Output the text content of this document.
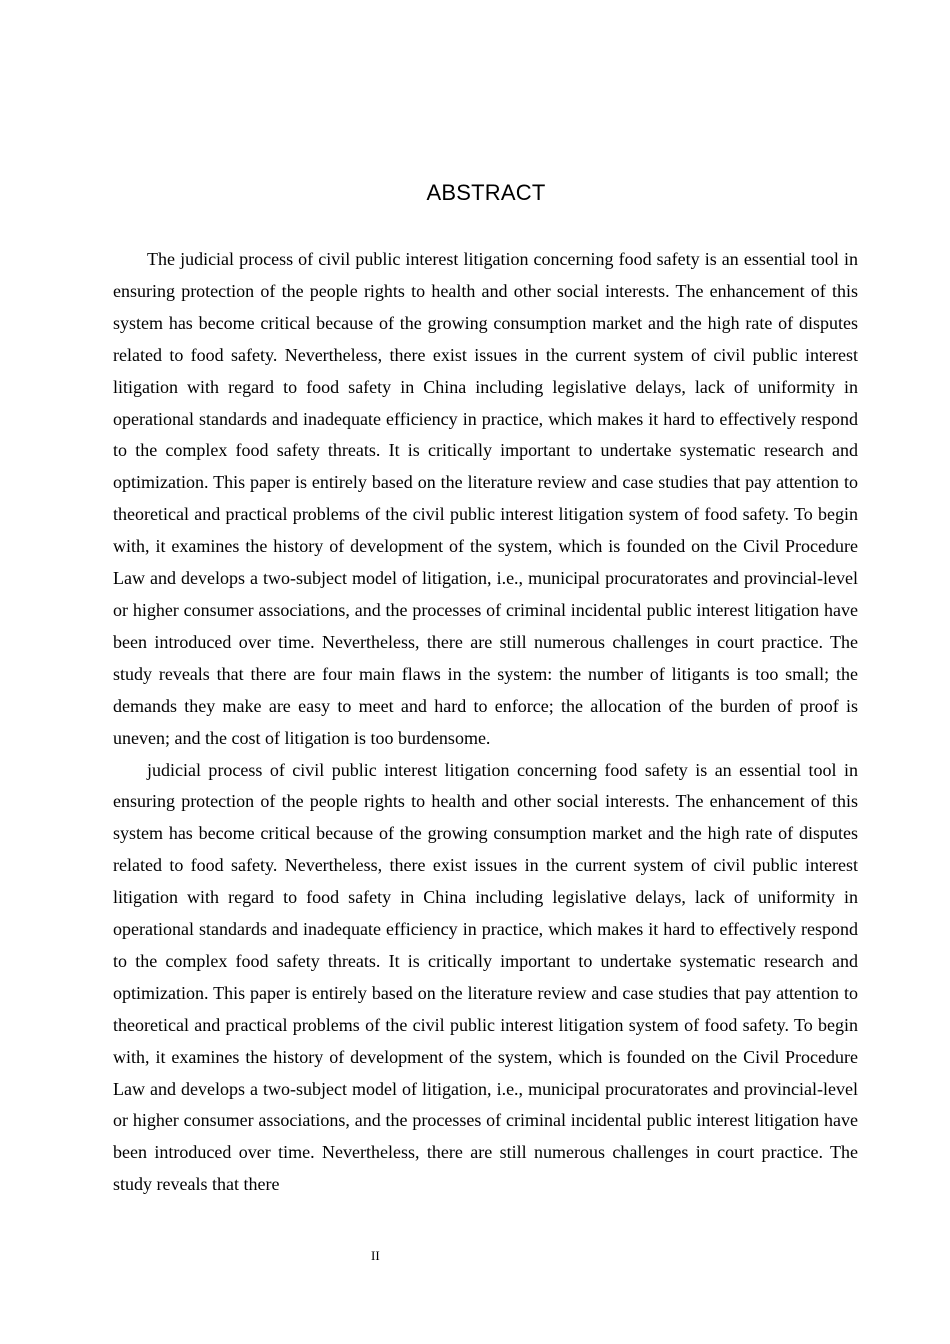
ABSTRACT

The judicial process of civil public interest litigation concerning food safety is an essential tool in ensuring protection of the people rights to health and other social interests. The enhancement of this system has become critical because of the growing consumption market and the high rate of disputes related to food safety. Nevertheless, there exist issues in the current system of civil public interest litigation with regard to food safety in China including legislative delays, lack of uniformity in operational standards and inadequate efficiency in practice, which makes it hard to effectively respond to the complex food safety threats. It is critically important to undertake systematic research and optimization. This paper is entirely based on the literature review and case studies that pay attention to theoretical and practical problems of the civil public interest litigation system of food safety. To begin with, it examines the history of development of the system, which is founded on the Civil Procedure Law and develops a two-subject model of litigation, i.e., municipal procuratorates and provincial-level or higher consumer associations, and the processes of criminal incidental public interest litigation have been introduced over time. Nevertheless, there are still numerous challenges in court practice. The study reveals that there are four main flaws in the system: the number of litigants is too small; the demands they make are easy to meet and hard to enforce; the allocation of the burden of proof is uneven; and the cost of litigation is too burdensome.

judicial process of civil public interest litigation concerning food safety is an essential tool in ensuring protection of the people rights to health and other social interests. The enhancement of this system has become critical because of the growing consumption market and the high rate of disputes related to food safety. Nevertheless, there exist issues in the current system of civil public interest litigation with regard to food safety in China including legislative delays, lack of uniformity in operational standards and inadequate efficiency in practice, which makes it hard to effectively respond to the complex food safety threats. It is critically important to undertake systematic research and optimization. This paper is entirely based on the literature review and case studies that pay attention to theoretical and practical problems of the civil public interest litigation system of food safety. To begin with, it examines the history of development of the system, which is founded on the Civil Procedure Law and develops a two-subject model of litigation, i.e., municipal procuratorates and provincial-level or higher consumer associations, and the processes of criminal incidental public interest litigation have been introduced over time. Nevertheless, there are still numerous challenges in court practice. The study reveals that there

II
